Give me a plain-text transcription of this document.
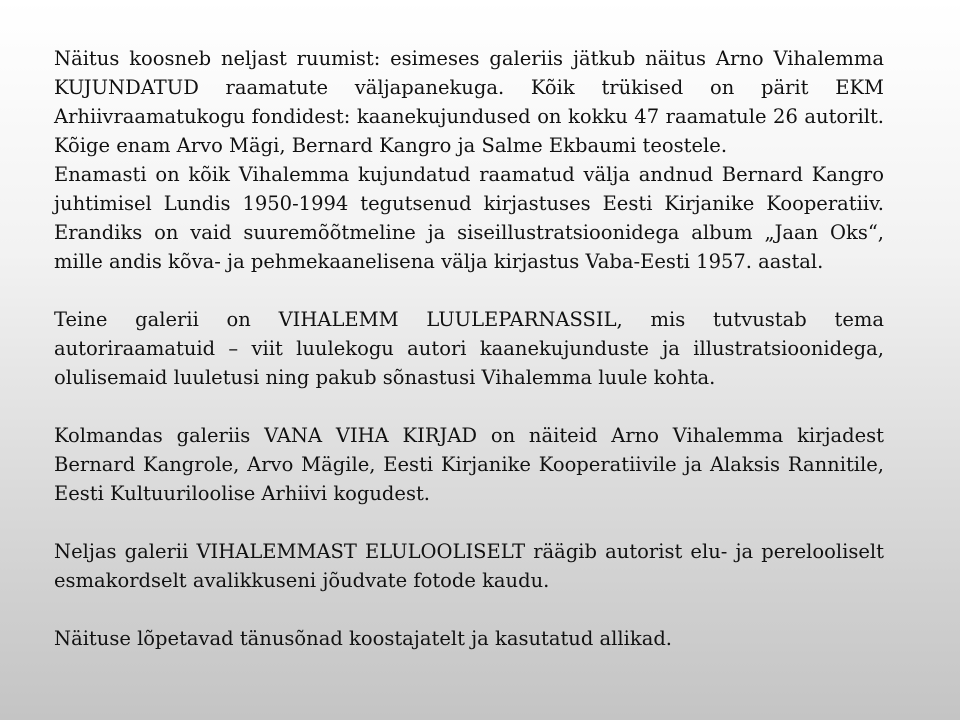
Näitus koosneb neljast ruumist: esimeses galeriis jätkub näitus Arno Vihalemma KUJUNDATUD raamatute väljapanekuga. Kõik trükised on pärit EKM Arhiivraamatukogu fondidest: kaanekujundused on kokku 47 raamatule 26 autorilt. Kõige enam Arvo Mägi, Bernard Kangro ja Salme Ekbaumi teostele.

Enamasti on kõik Vihalemma kujundatud raamatud välja andnud Bernard Kangro juhtimisel Lundis 1950-1994 tegutsenud kirjastuses Eesti Kirjanike Kooperatiiv. Erandiks on vaid suuremõõtmeline ja siseillustratsioonidega album „Jaan Oks“, mille andis kõva- ja pehmekaanelisena välja kirjastus Vaba-Eesti 1957. aastal.

Teine galerii on VIHALEMM LUULEPARNASSIL, mis tutvustab tema autoriraamatuid – viit luulekogu autori kaanekujunduste ja illustratsioonidega, olulisemaid luuletusi ning pakub sõnastusi Vihalemma luule kohta.

Kolmandas galeriis VANA VIHA KIRJAD on näiteid Arno Vihalemma kirjadest Bernard Kangrole, Arvo Mägile, Eesti Kirjanike Kooperatiivile ja Alaksis Rannitile, Eesti Kultuuriloolise Arhiivi kogudest.

Neljas galerii VIHALEMMAST ELULOOLISELT räägib autorist elu- ja perelooliselt esmakordselt avalikkuseni jõudvate fotode kaudu.

Näituse lõpetavad tänusõnad koostajatelt ja kasutatud allikad.
